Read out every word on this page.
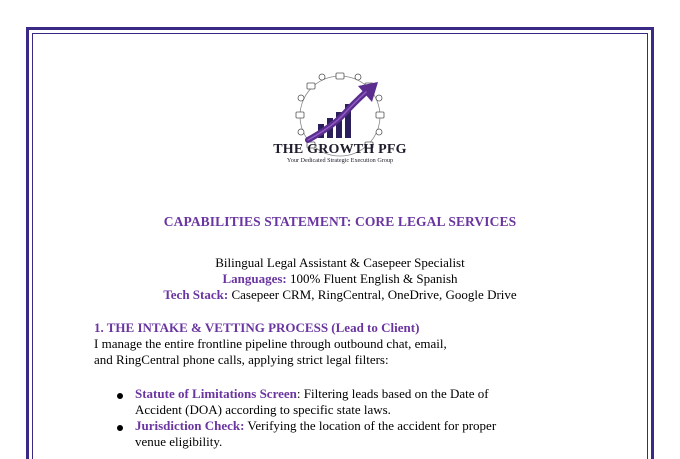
THE GROWTH PFG
Your Dedicated Strategic Execution Group
CAPABILITIES STATEMENT: CORE LEGAL SERVICES
Bilingual Legal Assistant & Casepeer Specialist
Languages: 100% Fluent English & Spanish
Tech Stack: Casepeer CRM, RingCentral, OneDrive, Google Drive
1. THE INTAKE & VETTING PROCESS (Lead to Client)
I manage the entire frontline pipeline through outbound chat, email,
and RingCentral phone calls, applying strict legal filters:
Statute of Limitations Screen: Filtering leads based on the Date of
Accident (DOA) according to specific state laws.
Jurisdiction Check: Verifying the location of the accident for proper
venue eligibility.
